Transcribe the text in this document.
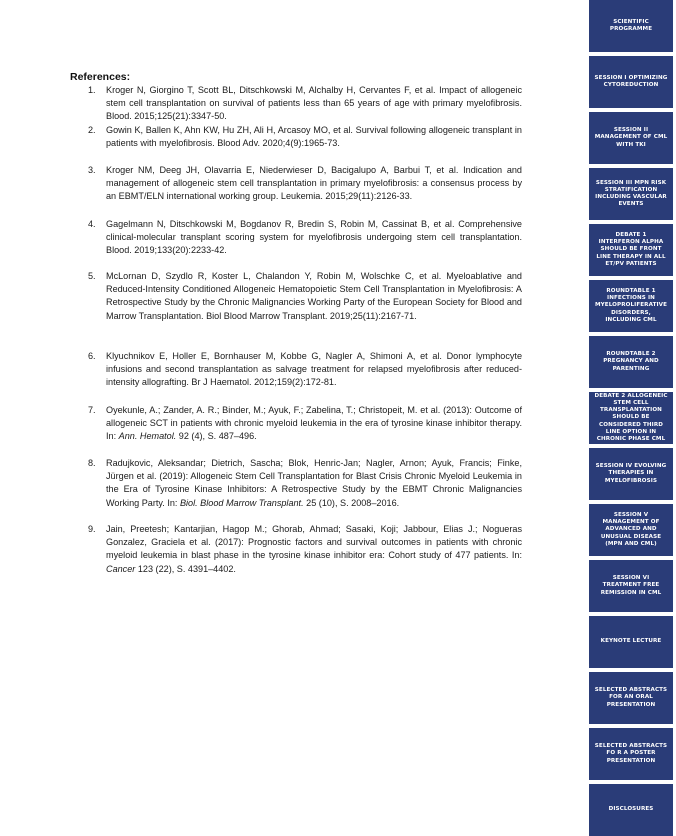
References:
1. Kroger N, Giorgino T, Scott BL, Ditschkowski M, Alchalby H, Cervantes F, et al. Impact of allogeneic stem cell transplantation on survival of patients less than 65 years of age with primary myelofibrosis. Blood. 2015;125(21):3347-50.
2. Gowin K, Ballen K, Ahn KW, Hu ZH, Ali H, Arcasoy MO, et al. Survival following allogeneic transplant in patients with myelofibrosis. Blood Adv. 2020;4(9):1965-73.
3. Kroger NM, Deeg JH, Olavarria E, Niederwieser D, Bacigalupo A, Barbui T, et al. Indication and management of allogeneic stem cell transplantation in primary myelofibrosis: a consensus process by an EBMT/ELN international working group. Leukemia. 2015;29(11):2126-33.
4. Gagelmann N, Ditschkowski M, Bogdanov R, Bredin S, Robin M, Cassinat B, et al. Comprehensive clinical-molecular transplant scoring system for myelofibrosis undergoing stem cell transplantation. Blood. 2019;133(20):2233-42.
5. McLornan D, Szydlo R, Koster L, Chalandon Y, Robin M, Wolschke C, et al. Myeloablative and Reduced-Intensity Conditioned Allogeneic Hematopoietic Stem Cell Transplantation in Myelofibrosis: A Retrospective Study by the Chronic Malignancies Working Party of the European Society for Blood and Marrow Transplantation. Biol Blood Marrow Transplant. 2019;25(11):2167-71.
6. Klyuchnikov E, Holler E, Bornhauser M, Kobbe G, Nagler A, Shimoni A, et al. Donor lymphocyte infusions and second transplantation as salvage treatment for relapsed myelofibrosis after reduced-intensity allografting. Br J Haematol. 2012;159(2):172-81.
7. Oyekunle, A.; Zander, A. R.; Binder, M.; Ayuk, F.; Zabelina, T.; Christopeit, M. et al. (2013): Outcome of allogeneic SCT in patients with chronic myeloid leukemia in the era of tyrosine kinase inhibitor therapy. In: Ann. Hematol. 92 (4), S. 487–496.
8. Radujkovic, Aleksandar; Dietrich, Sascha; Blok, Henric-Jan; Nagler, Arnon; Ayuk, Francis; Finke, Jürgen et al. (2019): Allogeneic Stem Cell Transplantation for Blast Crisis Chronic Myeloid Leukemia in the Era of Tyrosine Kinase Inhibitors: A Retrospective Study by the EBMT Chronic Malignancies Working Party. In: Biol. Blood Marrow Transplant. 25 (10), S. 2008–2016.
9. Jain, Preetesh; Kantarjian, Hagop M.; Ghorab, Ahmad; Sasaki, Koji; Jabbour, Elias J.; Nogueras Gonzalez, Graciela et al. (2017): Prognostic factors and survival outcomes in patients with chronic myeloid leukemia in blast phase in the tyrosine kinase inhibitor era: Cohort study of 477 patients. In: Cancer 123 (22), S. 4391–4402.
SCIENTIFIC PROGRAMME
SESSION I OPTIMIZING CYTOREDUCTION
SESSION II MANAGEMENT OF CML WITH TKI
SESSION III MPN RISK STRATIFICATION INCLUDING VASCULAR EVENTS
DEBATE 1 INTERFERON ALPHA SHOULD BE FRONT LINE THERAPY IN ALL ET/PV PATIENTS
ROUNDTABLE 1 INFECTIONS IN MYELOPROLIFERATIVE DISORDERS, INCLUDING CML
ROUNDTABLE 2 PREGNANCY AND PARENTING
DEBATE 2 ALLOGENEIC STEM CELL TRANSPLANTATION SHOULD BE CONSIDERED THIRD LINE OPTION IN CHRONIC PHASE CML
SESSION IV EVOLVING THERAPIES IN MYELOFIBROSIS
SESSION V MANAGEMENT OF ADVANCED AND UNUSUAL DISEASE (MPN AND CML)
SESSION VI TREATMENT FREE REMISSION IN CML
KEYNOTE LECTURE
SELECTED ABSTRACTS FOR AN ORAL PRESENTATION
SELECTED ABSTRACTS FO R A POSTER PRESENTATION
DISCLOSURES
